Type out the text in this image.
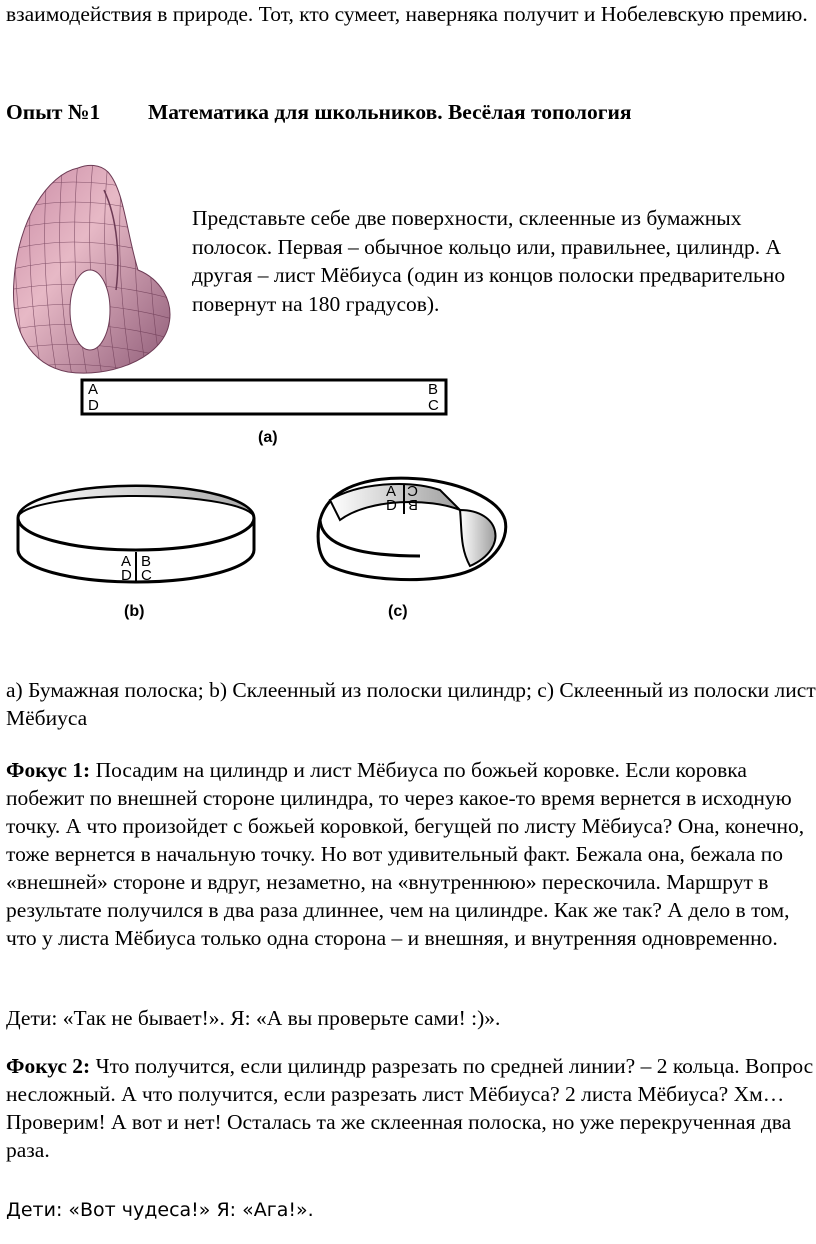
взаимодействия в природе. Тот, кто сумеет, наверняка получит и Нобелевскую премию.

Опыт №1 Математика для школьников. Весёлая топология

Представьте себе две поверхности, склеенные из бумажных полосок. Первая – обычное кольцо или, правильнее, цилиндр. А другая – лист Мёбиуса (один из концов полоски предварительно повернут на 180 градусов).

A
D
B
C
(a)
A
D
B
C
(b)
A
D
C
B
(c)

а) Бумажная полоска; b) Склеенный из полоски цилиндр; с) Склеенный из полоски лист Мёбиуса

Фокус 1: Посадим на цилиндр и лист Мёбиуса по божьей коровке. Если коровка побежит по внешней стороне цилиндра, то через какое-то время вернется в исходную точку. А что произойдет с божьей коровкой, бегущей по листу Мёбиуса? Она, конечно, тоже вернется в начальную точку. Но вот удивительный факт. Бежала она, бежала по «внешней» стороне и вдруг, незаметно, на «внутреннюю» перескочила. Маршрут в результате получился в два раза длиннее, чем на цилиндре. Как же так? А дело в том, что у листа Мёбиуса только одна сторона – и внешняя, и внутренняя одновременно.

Дети: «Так не бывает!». Я: «А вы проверьте сами! :)».

Фокус 2: Что получится, если цилиндр разрезать по средней линии? – 2 кольца. Вопрос несложный. А что получится, если разрезать лист Мёбиуса? 2 листа Мёбиуса? Хм… Проверим! А вот и нет! Осталась та же склеенная полоска, но уже перекрученная два раза.

Дети: «Вот чудеса!» Я: «Ага!».
